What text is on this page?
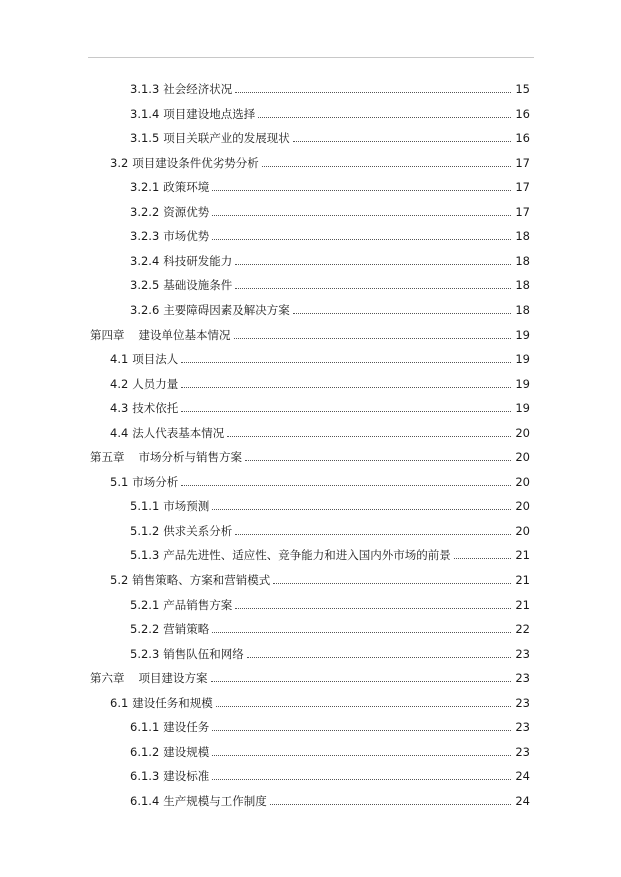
3.1.3 社会经济状况	15
3.1.4 项目建设地点选择	16
3.1.5 项目关联产业的发展现状	16
3.2 项目建设条件优劣势分析	17
3.2.1 政策环境	17
3.2.2 资源优势	17
3.2.3 市场优势	18
3.2.4 科技研发能力	18
3.2.5 基础设施条件	18
3.2.6 主要障碍因素及解决方案	18
第四章 建设单位基本情况	19
4.1 项目法人	19
4.2 人员力量	19
4.3 技术依托	19
4.4 法人代表基本情况	20
第五章 市场分析与销售方案	20
5.1 市场分析	20
5.1.1 市场预测	20
5.1.2 供求关系分析	20
5.1.3 产品先进性、适应性、竞争能力和进入国内外市场的前景	21
5.2 销售策略、方案和营销模式	21
5.2.1 产品销售方案	21
5.2.2 营销策略	22
5.2.3 销售队伍和网络	23
第六章 项目建设方案	23
6.1 建设任务和规模	23
6.1.1 建设任务	23
6.1.2 建设规模	23
6.1.3 建设标准	24
6.1.4 生产规模与工作制度	24
